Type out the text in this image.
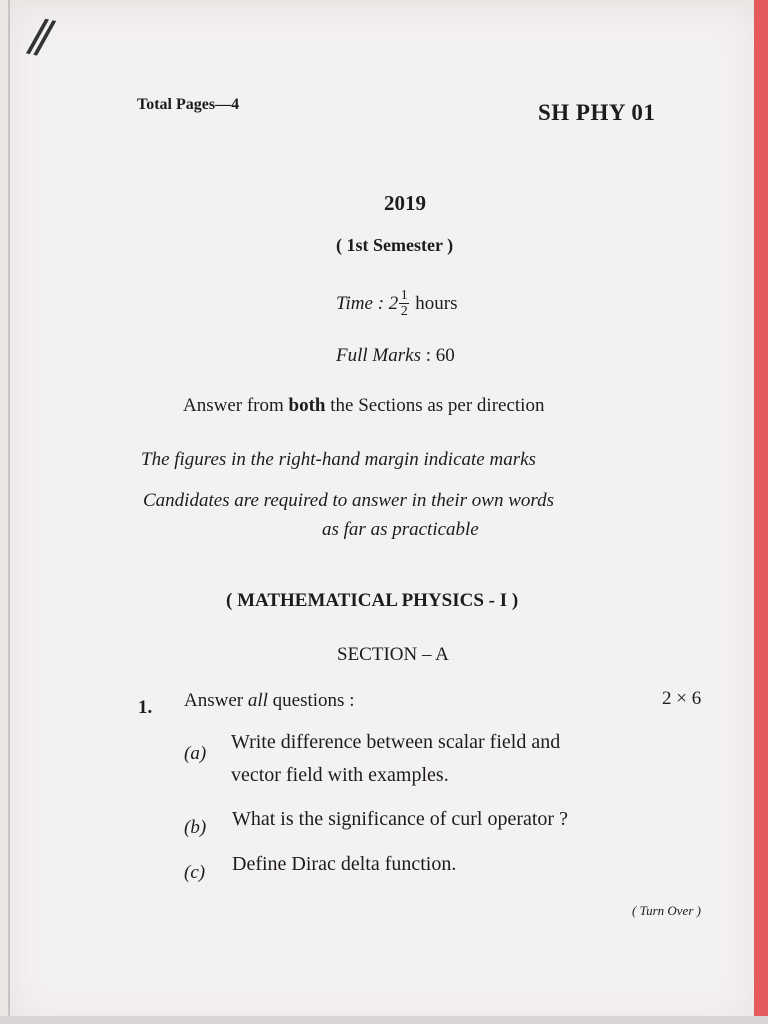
//
Total Pages—4	SH PHY 01
2019
( 1st Semester )
Time : $2 \frac{1}{2}$ hours
Full Marks : 60
Answer from both the Sections as per direction
The figures in the right-hand margin indicate marks
Candidates are required to answer in their own words
as far as practicable
( MATHEMATICAL PHYSICS - I )
SECTION – A
1. Answer all questions :	2 × 6
(a)
Write difference between scalar field and
vector field with examples.
(b) What is the significance of curl operator ?
(c) Define Dirac delta function.
( Turn Over )
